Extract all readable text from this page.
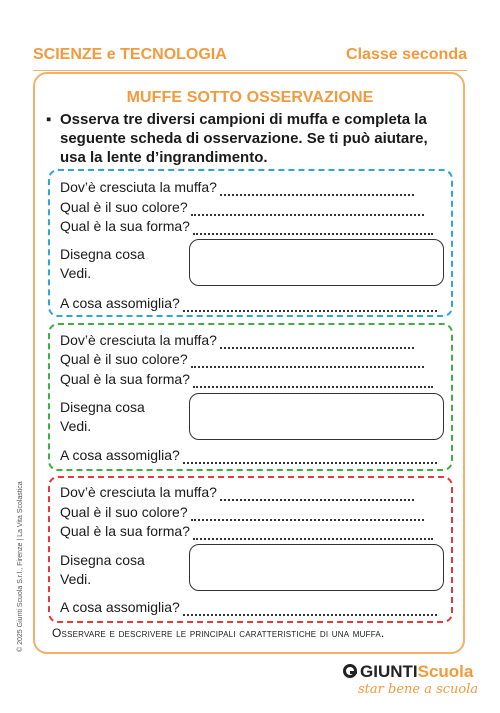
SCIENZE e TECNOLOGIA	Classe seconda
MUFFE SOTTO OSSERVAZIONE
▪ Osserva tre diversi campioni di muffa e completa la seguente scheda di osservazione. Se ti può aiutare, usa la lente d’ingrandimento.
Dov’è cresciuta la muffa?
Qual è il suo colore?
Qual è la sua forma?
Disegna cosa
Vedi.
A cosa assomiglia?
Dov’è cresciuta la muffa?
Qual è il suo colore?
Qual è la sua forma?
Disegna cosa
Vedi.
A cosa assomiglia?
Dov’è cresciuta la muffa?
Qual è il suo colore?
Qual è la sua forma?
Disegna cosa
Vedi.
A cosa assomiglia?
Osservare e descrivere le principali caratteristiche di una muffa.
© 2025 Giunti Scuola S.r.l., Firenze | La Vita Scolastica
GIUNTIScuola
star bene a scuola
